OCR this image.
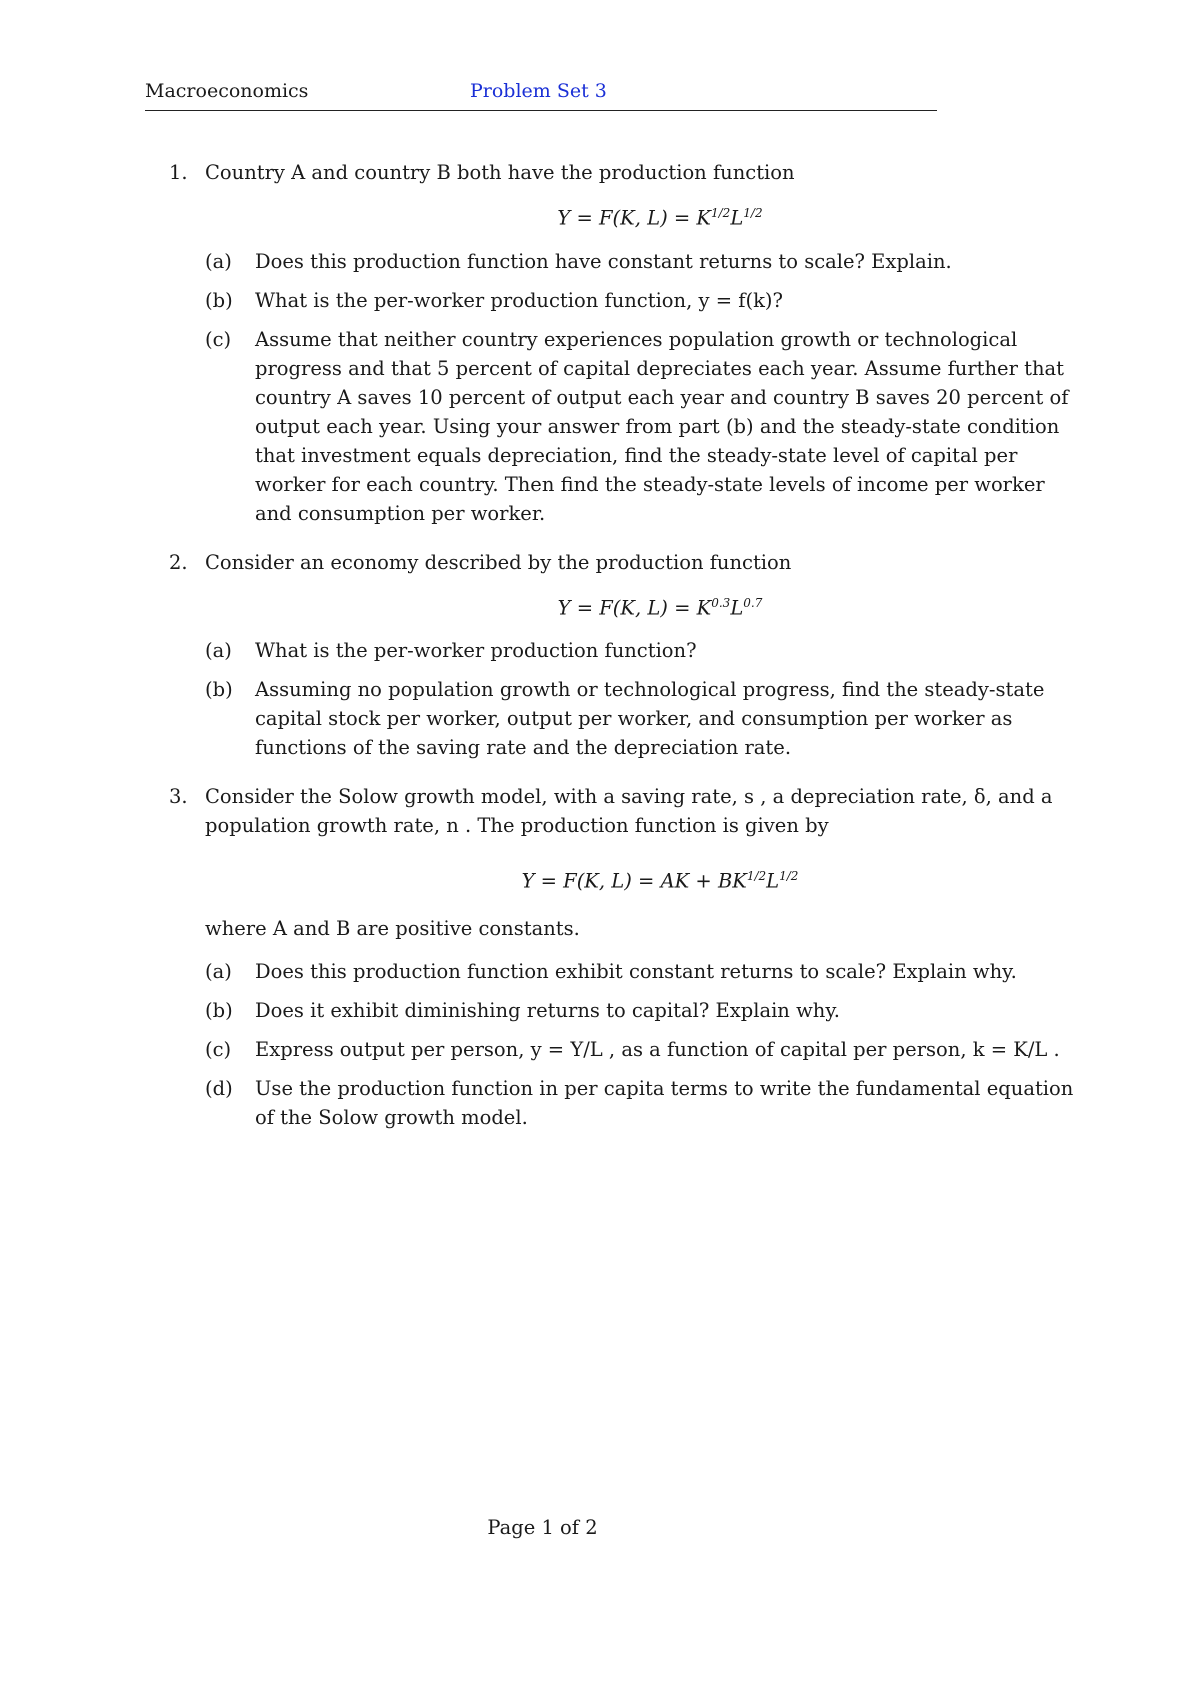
Macroeconomics	Problem Set 3
1. Country A and country B both have the production function
Y = F(K, $L) = K^{1/2}L^{1/2}$
(a) Does this production function have constant returns to scale? Explain.
(b) What is the per-worker production function, y = f(k)?
(c) Assume that neither country experiences population growth or technological progress and that 5 percent of capital depreciates each year. Assume further that country A saves 10 percent of output each year and country B saves 20 percent of output each year. Using your answer from part (b) and the steady-state condition that investment equals depreciation, find the steady-state level of capital per worker for each country. Then find the steady-state levels of income per worker and consumption per worker.
2. Consider an economy described by the production function
Y = F(K, $L) = K^{0.3}L^{0.7}$
(a) What is the per-worker production function?
(b) Assuming no population growth or technological progress, find the steady-state capital stock per worker, output per worker, and consumption per worker as functions of the saving rate and the depreciation rate.
3. Consider the Solow growth model, with a saving rate, s , a depreciation rate, δ, and a population growth rate, n . The production function is given by
Y = F(K, L) = AK + $BK^{1/2}L^{1/2}$
where A and B are positive constants.
(a) Does this production function exhibit constant returns to scale? Explain why.
(b) Does it exhibit diminishing returns to capital? Explain why.
(c) Express output per person, y = Y/L , as a function of capital per person, k = K/L .
(d) Use the production function in per capita terms to write the fundamental equation of the Solow growth model.
Page 1 of 2
